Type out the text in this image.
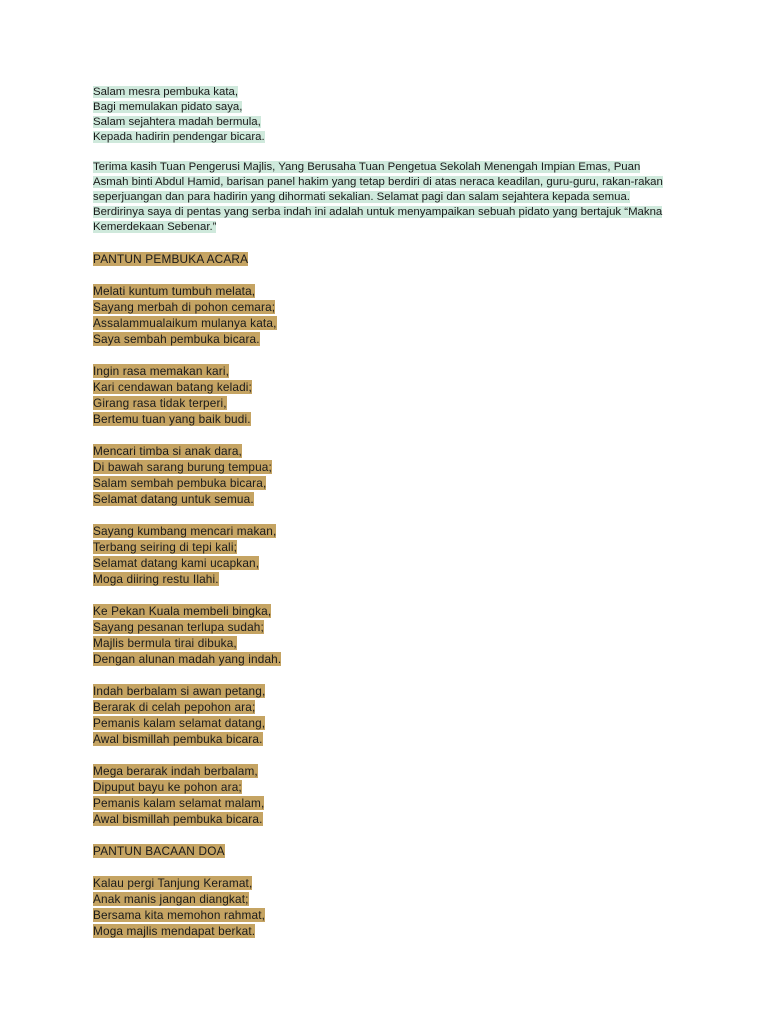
Salam mesra pembuka kata,
Bagi memulakan pidato saya,
Salam sejahtera madah bermula,
Kepada hadirin pendengar bicara.
Terima kasih Tuan Pengerusi Majlis, Yang Berusaha Tuan Pengetua Sekolah Menengah Impian Emas, Puan
Asmah binti Abdul Hamid, barisan panel hakim yang tetap berdiri di atas neraca keadilan, guru-guru, rakan-rakan
seperjuangan dan para hadirin yang dihormati sekalian. Selamat pagi dan salam sejahtera kepada semua.
Berdirinya saya di pentas yang serba indah ini adalah untuk menyampaikan sebuah pidato yang bertajuk “Makna
Kemerdekaan Sebenar.”
PANTUN PEMBUKA ACARA
Melati kuntum tumbuh melata,
Sayang merbah di pohon cemara;
Assalammualaikum mulanya kata,
Saya sembah pembuka bicara.
Ingin rasa memakan kari,
Kari cendawan batang keladi;
Girang rasa tidak terperi,
Bertemu tuan yang baik budi.
Mencari timba si anak dara,
Di bawah sarang burung tempua;
Salam sembah pembuka bicara,
Selamat datang untuk semua.
Sayang kumbang mencari makan,
Terbang seiring di tepi kali;
Selamat datang kami ucapkan,
Moga diiring restu Ilahi.
Ke Pekan Kuala membeli bingka,
Sayang pesanan terlupa sudah;
Majlis bermula tirai dibuka,
Dengan alunan madah yang indah.
Indah berbalam si awan petang,
Berarak di celah pepohon ara;
Pemanis kalam selamat datang,
Awal bismillah pembuka bicara.
Mega berarak indah berbalam,
Dipuput bayu ke pohon ara;
Pemanis kalam selamat malam,
Awal bismillah pembuka bicara.
PANTUN BACAAN DOA
Kalau pergi Tanjung Keramat,
Anak manis jangan diangkat;
Bersama kita memohon rahmat,
Moga majlis mendapat berkat.
